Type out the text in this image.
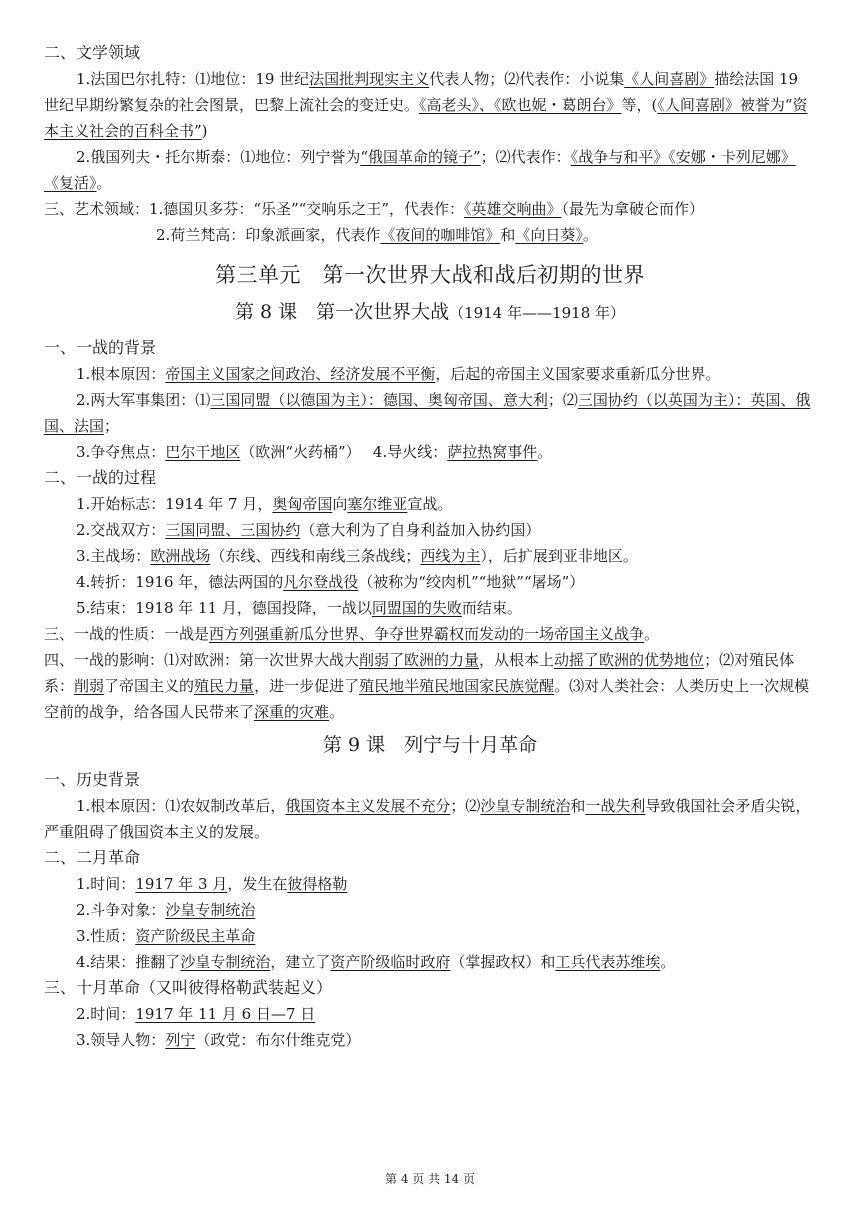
二、文学领域

1.法国巴尔扎特：⑴地位：19 世纪法国批判现实主义代表人物；⑵代表作：小说集《人间喜剧》描绘法国 19 世纪早期纷繁复杂的社会图景，巴黎上流社会的变迁史。《高老头》、《欧也妮・葛朗台》等，(《人间喜剧》被誉为“资本主义社会的百科全书”)

2.俄国列夫・托尔斯泰：⑴地位：列宁誉为“俄国革命的镜子”；⑵代表作：《战争与和平》《安娜・卡列尼娜》《复活》。

三、艺术领域：1.德国贝多芬：“乐圣”“交响乐之王”，代表作：《英雄交响曲》（最先为拿破仑而作）

2.荷兰梵高：印象派画家，代表作《夜间的咖啡馆》和《向日葵》。

第三单元　第一次世界大战和战后初期的世界
第 8 课　第一次世界大战（1914 年——1918 年）

一、一战的背景

1.根本原因：帝国主义国家之间政治、经济发展不平衡，后起的帝国主义国家要求重新瓜分世界。

2.两大军事集团：⑴三国同盟（以德国为主）：德国、奥匈帝国、意大利；⑵三国协约（以英国为主）：英国、俄国、法国；

3.争夺焦点：巴尔干地区（欧洲“火药桶”）　 4.导火线：萨拉热窝事件。

二、一战的过程

1.开始标志：1914 年 7 月，奥匈帝国向塞尔维亚宣战。

2.交战双方：三国同盟、三国协约（意大利为了自身利益加入协约国）

3.主战场：欧洲战场（东线、西线和南线三条战线；西线为主），后扩展到亚非地区。

4.转折：1916 年，德法两国的凡尔登战役（被称为“绞肉机”“地狱”“屠场”）

5.结束：1918 年 11 月，德国投降，一战以同盟国的失败而结束。

三、一战的性质：一战是西方列强重新瓜分世界、争夺世界霸权而发动的一场帝国主义战争。

四、一战的影响：⑴对欧洲：第一次世界大战大削弱了欧洲的力量，从根本上动摇了欧洲的优势地位；⑵对殖民体系：削弱了帝国主义的殖民力量，进一步促进了殖民地半殖民地国家民族觉醒。⑶对人类社会：人类历史上一次规模空前的战争，给各国人民带来了深重的灾难。

第 9 课　列宁与十月革命

一、历史背景

1.根本原因：⑴农奴制改革后，俄国资本主义发展不充分；⑵沙皇专制统治和一战失利导致俄国社会矛盾尖锐，严重阻碍了俄国资本主义的发展。

二、二月革命

1.时间：1917 年 3 月，发生在彼得格勒

2.斗争对象：沙皇专制统治

3.性质：资产阶级民主革命

4.结果：推翻了沙皇专制统治，建立了资产阶级临时政府（掌握政权）和工兵代表苏维埃。

三、十月革命（又叫彼得格勒武装起义）

2.时间：1917 年 11 月 6 日—7 日

3.领导人物：列宁（政党：布尔什维克党）

第 4 页 共 14 页
